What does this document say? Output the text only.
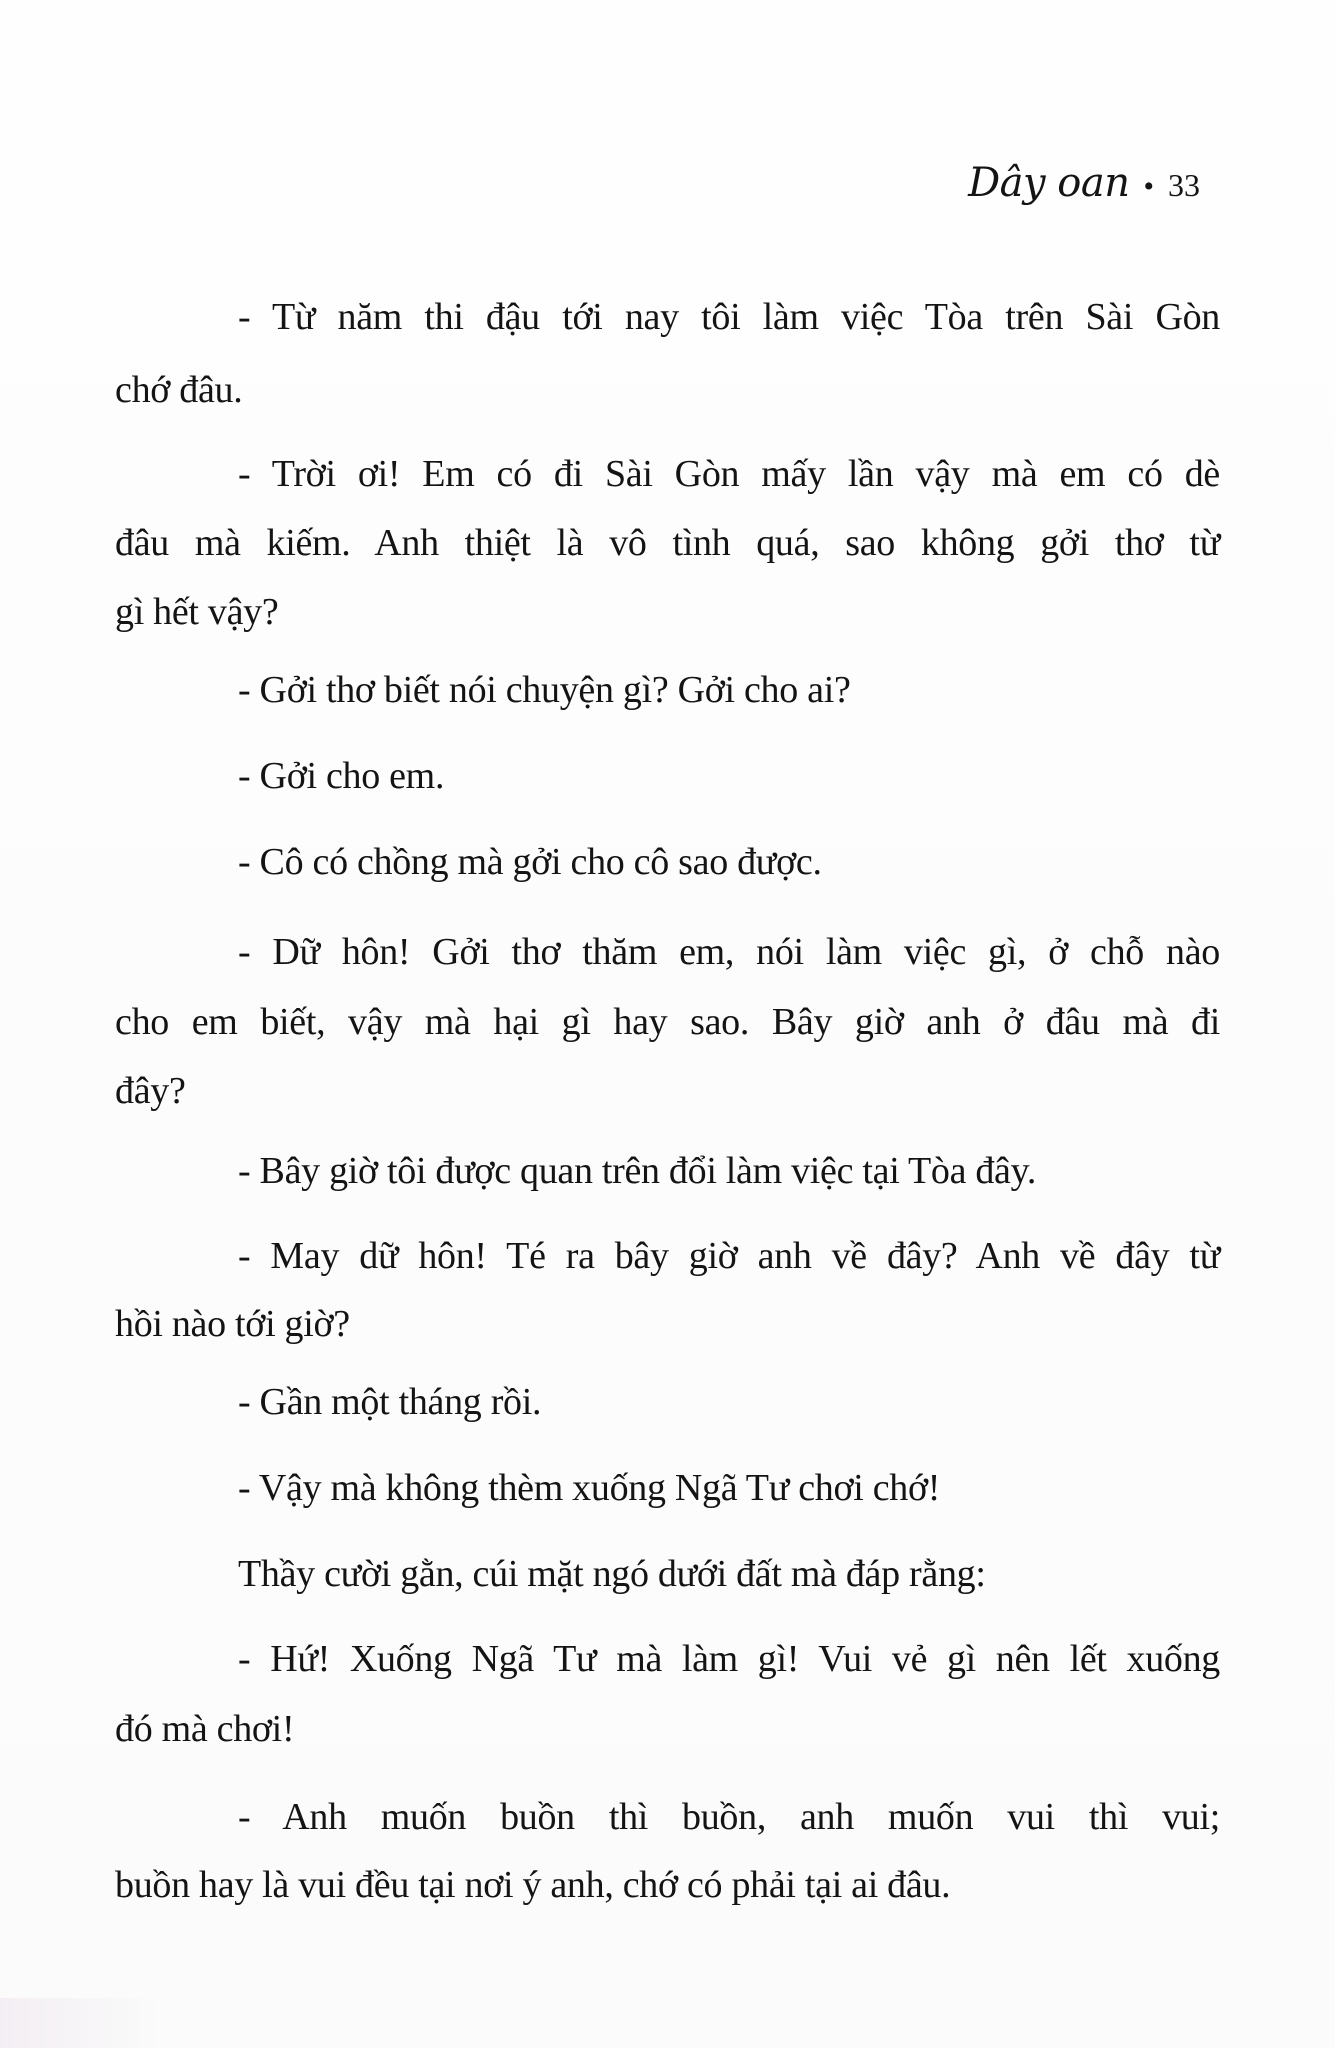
Dây oan • 33
- Từ năm thi đậu tới nay tôi làm việc Tòa trên Sài Gòn
chớ đâu.
- Trời ơi! Em có đi Sài Gòn mấy lần vậy mà em có dè
đâu mà kiếm. Anh thiệt là vô tình quá, sao không gởi thơ từ
gì hết vậy?
- Gởi thơ biết nói chuyện gì? Gởi cho ai?
- Gởi cho em.
- Cô có chồng mà gởi cho cô sao được.
- Dữ hôn! Gởi thơ thăm em, nói làm việc gì, ở chỗ nào
cho em biết, vậy mà hại gì hay sao. Bây giờ anh ở đâu mà đi
đây?
- Bây giờ tôi được quan trên đổi làm việc tại Tòa đây.
- May dữ hôn! Té ra bây giờ anh về đây? Anh về đây từ
hồi nào tới giờ?
- Gần một tháng rồi.
- Vậy mà không thèm xuống Ngã Tư chơi chớ!
Thầy cười gằn, cúi mặt ngó dưới đất mà đáp rằng:
- Hứ! Xuống Ngã Tư mà làm gì! Vui vẻ gì nên lết xuống
đó mà chơi!
- Anh muốn buồn thì buồn, anh muốn vui thì vui;
buồn hay là vui đều tại nơi ý anh, chớ có phải tại ai đâu.
